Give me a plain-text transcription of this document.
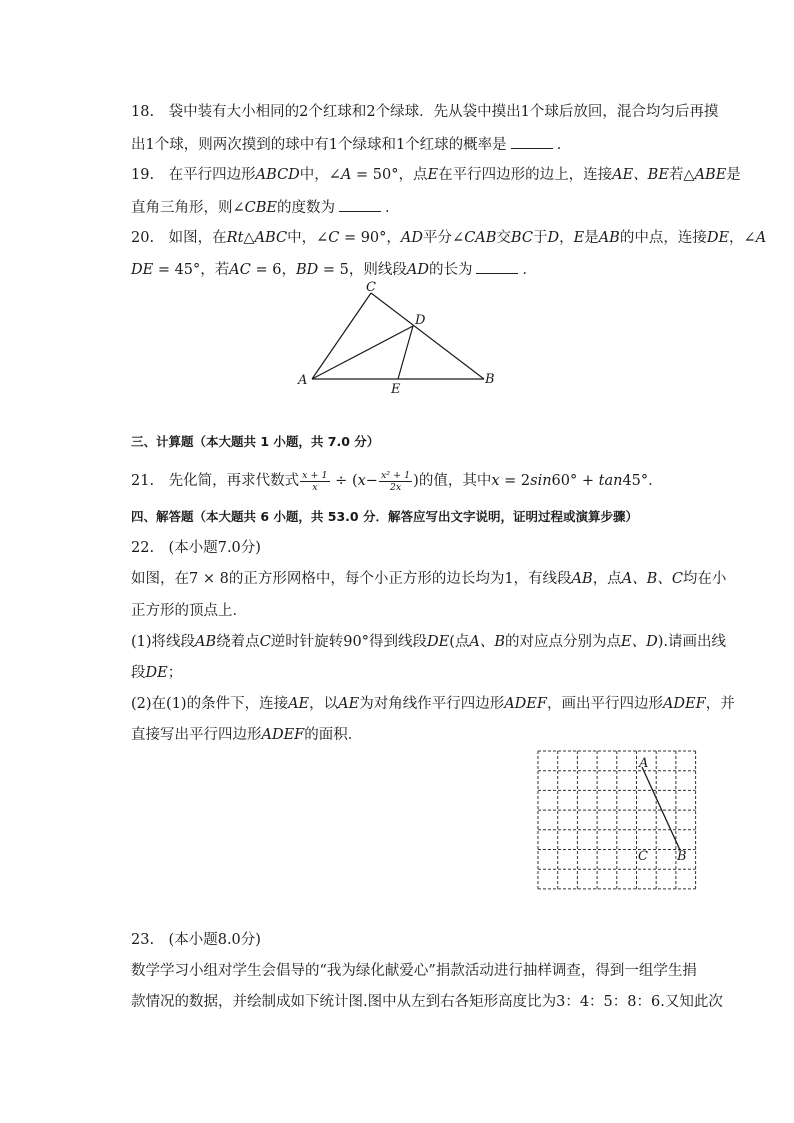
18. 袋中装有大小相同的2个红球和2个绿球．先从袋中摸出1个球后放回，混合均匀后再摸
出1个球，则两次摸到的球中有1个绿球和1个红球的概率是	．
19. 在平行四边形ABCD中，∠A = 50°，点E在平行四边形的边上，连接AE、BE若△ABE是
直角三角形，则∠CBE的度数为	．
20. 如图，在Rt△ABC中，∠C = 90°，AD平分∠CAB交BC于D，E是AB的中点，连接DE，∠A
DE = 45°，若AC = 6，BD = 5，则线段AD的长为	．
C
D
A
E
B
三、计算题（本大题共 1 小题，共 7.0 分）
21. 先化简，再求代数式 $\frac{x + 1}{x} \div (x- \frac{\text{x² + 1}}{2x}$ )的值，其中x = 2sin60° + tan45°．
四、解答题（本大题共 6 小题，共 53.0 分．解答应写出文字说明，证明过程或演算步骤）
22.　(本小题7.0分)
如图，在7 × 8的正方形网格中，每个小正方形的边长均为1，有线段AB，点A、B、C均在小
正方形的顶点上．
(1)将线段AB绕着点C逆时针旋转90°得到线段DE(点A、B的对应点分别为点E、D).请画出线
段DE；
(2)在(1)的条件下，连接AE，以AE为对角线作平行四边形ADEF，画出平行四边形ADEF，并
直接写出平行四边形ADEF的面积．
A
B
C
23.　(本小题8.0分)
数学学习小组对学生会倡导的“我为绿化献爱心”捐款活动进行抽样调查，得到一组学生捐
款情况的数据，并绘制成如下统计图.图中从左到右各矩形高度比为3：4：5：8：6.又知此次
